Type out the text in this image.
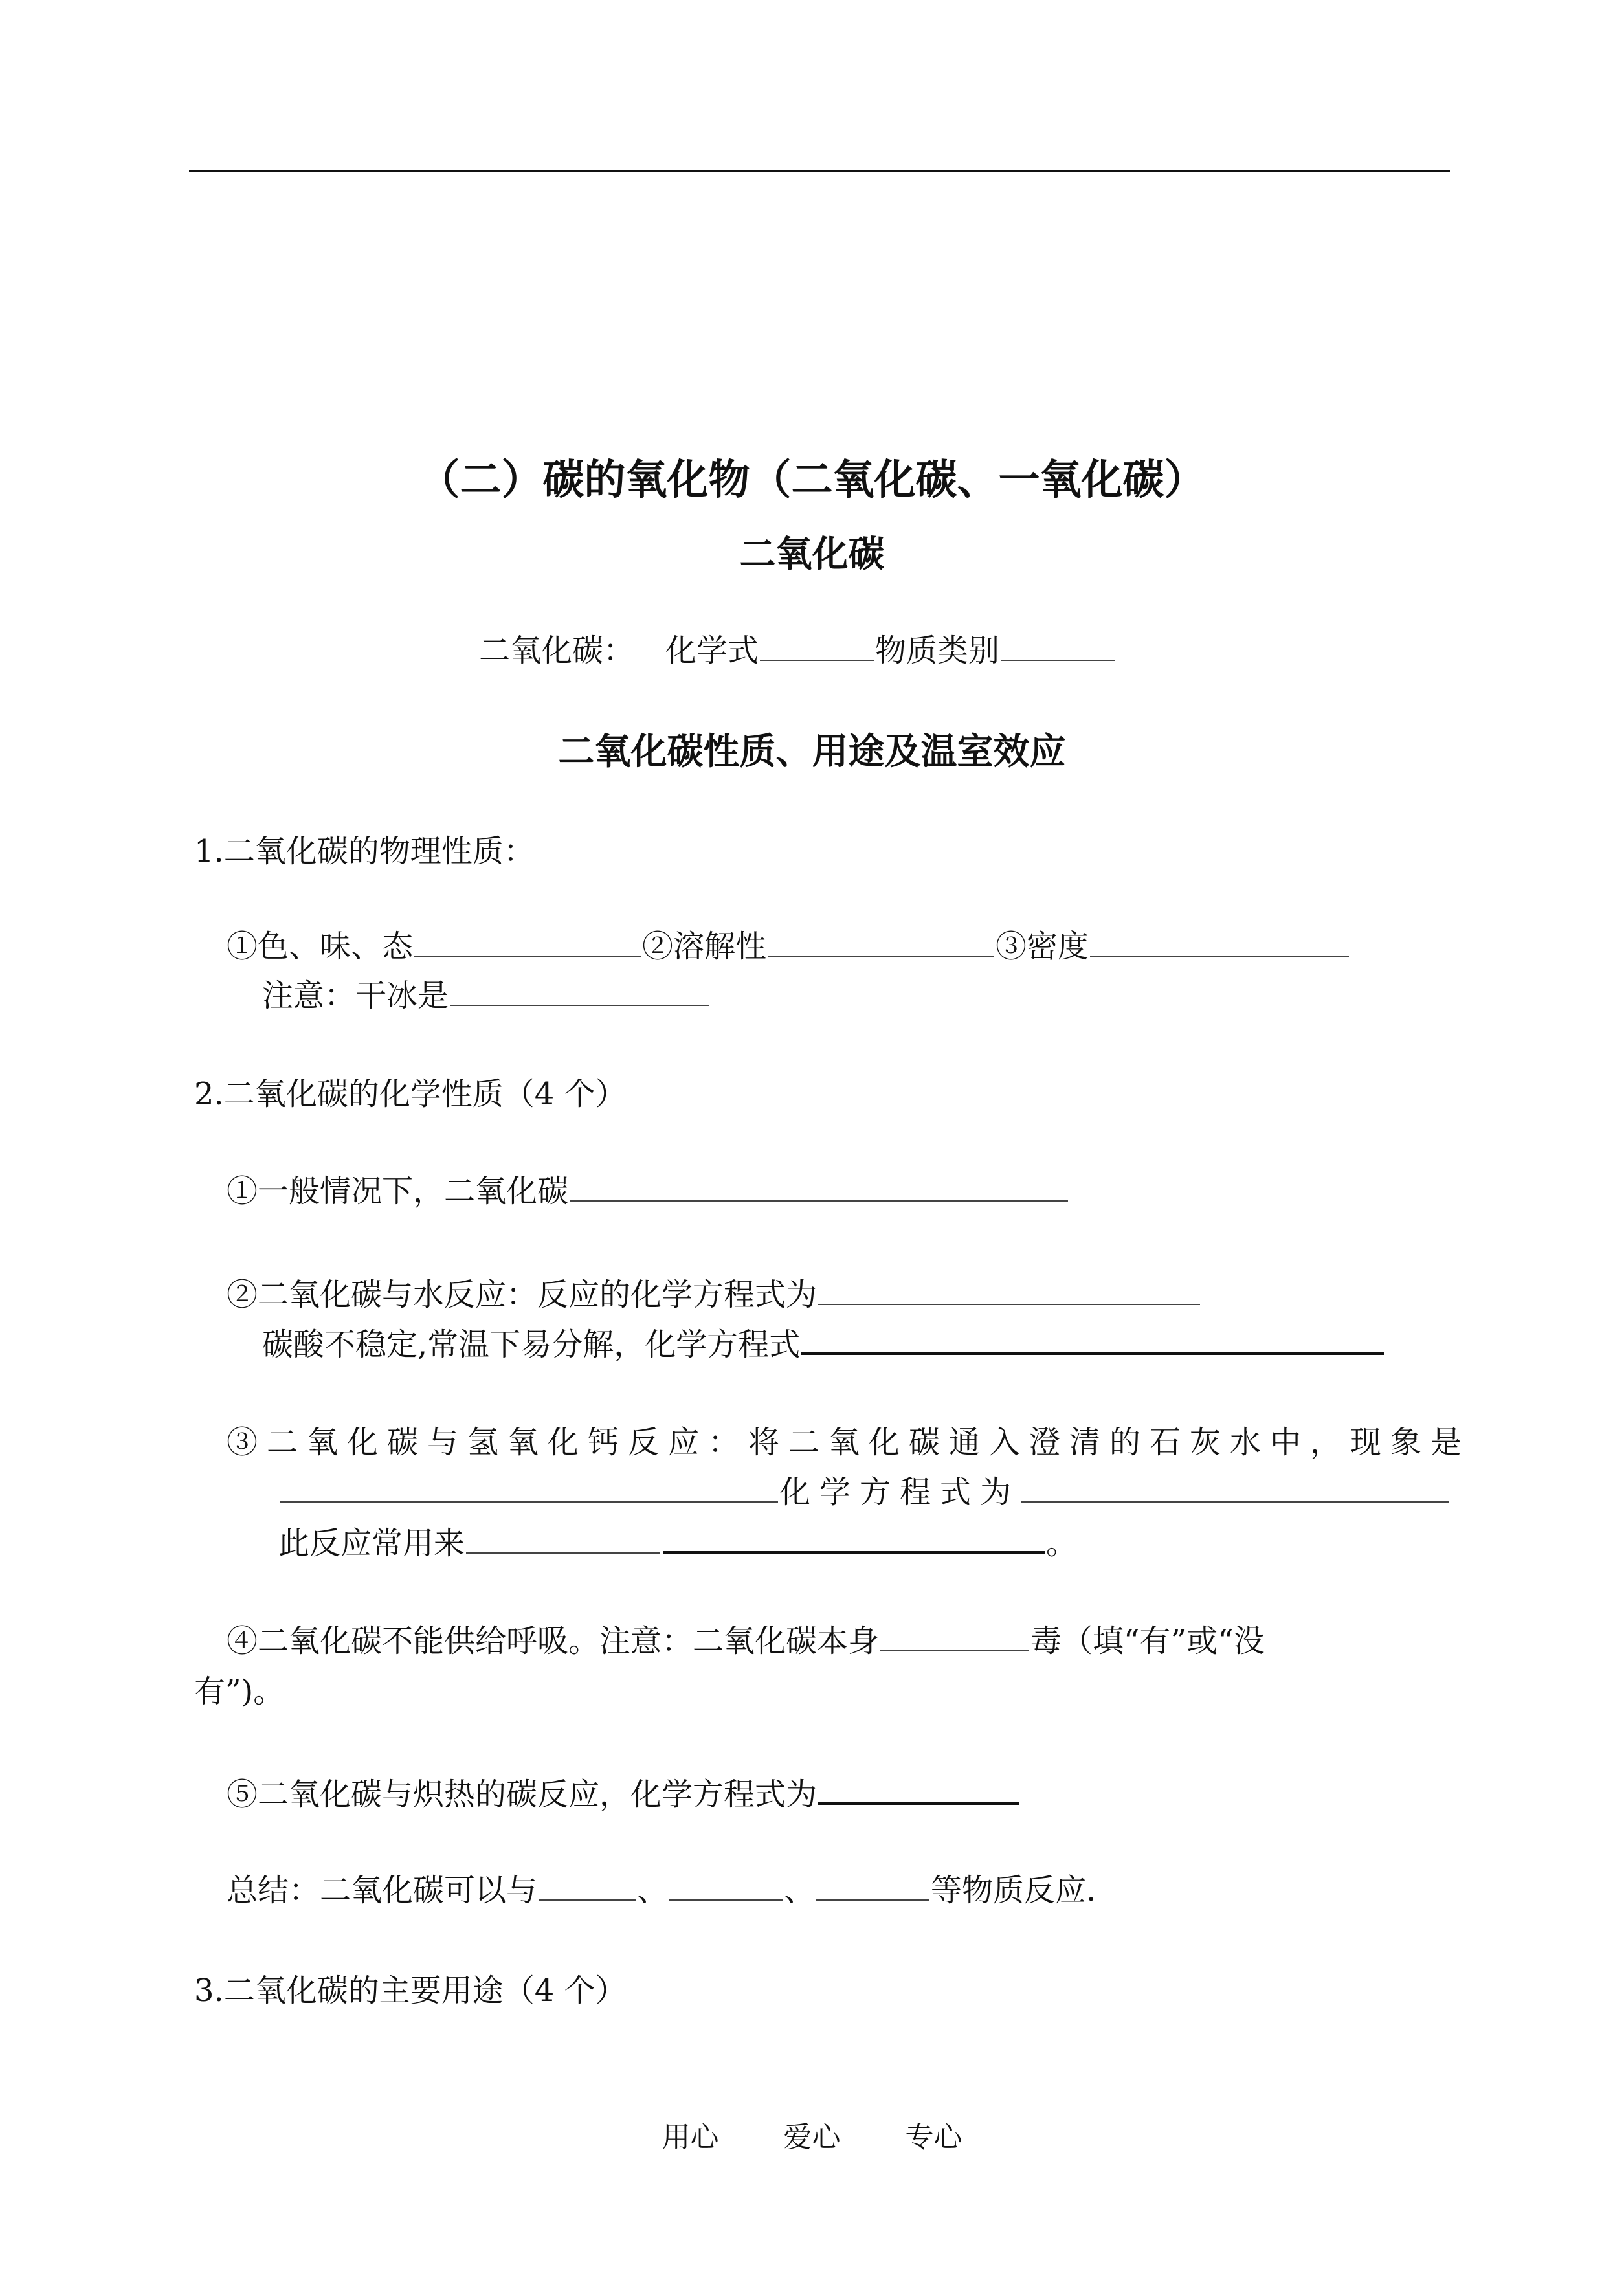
（二）碳的氧化物（二氧化碳、一氧化碳）
二氧化碳
二氧化碳： 化学式	物质类别
二氧化碳性质、用途及温室效应
1.二氧化碳的物理性质：
①色、味、态	②溶解性	③密度
注意：干冰是
2.二氧化碳的化学性质（4 个）
①一般情况下，二氧化碳
②二氧化碳与水反应：反应的化学方程式为
碳酸不稳定,常温下易分解，化学方程式
③二氧化碳与氢氧化钙反应：将二氧化碳通入澄清的石灰水中，现象是
化学方程式为
此反应常用来	。
④二氧化碳不能供给呼吸。注意：二氧化碳本身	毒（填“有”或“没
有”)。
⑤二氧化碳与炽热的碳反应，化学方程式为
总结：二氧化碳可以与	、	、	等物质反应.
3.二氧化碳的主要用途（4 个）
用心 爱心 专心
